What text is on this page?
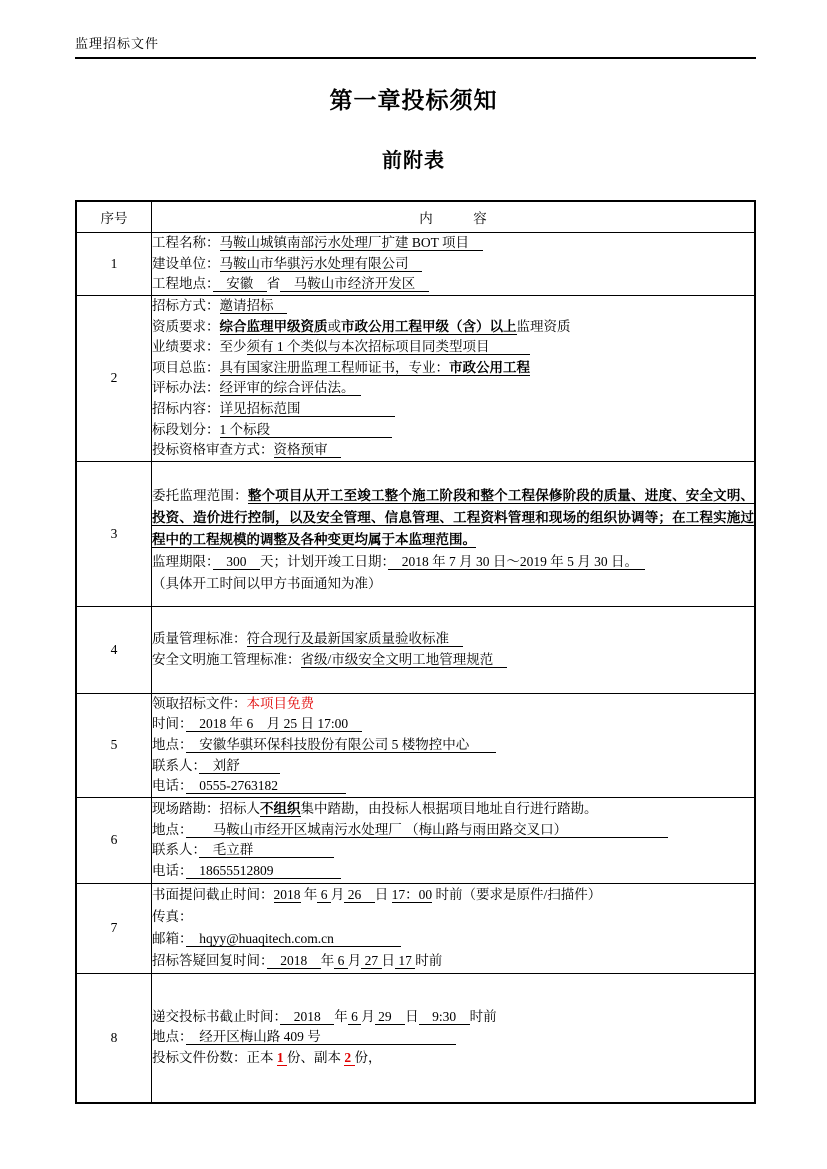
监理招标文件
第一章投标须知
前附表
序号	内　　　容
1	工程名称：马鞍山城镇南部污水处理厂扩建 BOT 项目　
建设单位：马鞍山市华骐污水处理有限公司　
工程地点：　安徽　省　马鞍山市经济开发区　

2	
招标方式：邀请招标　
资质要求：综合监理甲级资质或市政公用工程甲级（含）以上监理资质
业绩要求：至少须有 1 个类似与本次招标项目同类型项目　　　
项目总监：具有国家注册监理工程师证书，专业：市政公用工程
评标办法：经评审的综合评估法。　
招标内容：详见招标范围　　　　　　　
标段划分：1 个标段　　　　　　　　　
投标资格审查方式：资格预审　

3	委托监理范围：整个项目从开工至竣工整个施工阶段和整个工程保修阶段的质量、进度、安全文明、投资、造价进行控制，以及安全管理、信息管理、工程资料管理和现场的组织协调等；在工程实施过程中的工程规模的调整及各种变更均属于本监理范围。
监理期限：　300　天；计划开竣工日期：　2018 年 7 月 30 日～2019 年 5 月 30 日。　
（具体开工时间以甲方书面通知为准）

4	质量管理标准：符合现行及最新国家质量验收标准　
安全文明施工管理标准：省级/市级安全文明工地管理规范　

5	领取招标文件：本项目免费
时间：　2018 年 6　月 25 日 17:00　
地点：　安徽华骐环保科技股份有限公司 5 楼物控中心　　
联系人：　刘舒　　　
电话：　0555-2763182　　　　　

6	现场踏勘：招标人不组织集中踏勘，由投标人根据项目地址自行进行踏勘。
地点：　　马鞍山市经开区城南污水处理厂 （梅山路与雨田路交叉口）　　　　　　　　
联系人：　毛立群　　　　　　
电话：　18655512809　　　　　

7	书面提问截止时间：2018 年 6 月 26　日 17：00 时前（要求是原件/扫描件）
传真：
邮箱：　hqyy@huaqitech.com.cn　　　　　
招标答疑回复时间：　2018　年 6 月 27 日 17 时前

8	递交投标书截止时间：　2018　年 6 月 29　日　9:30　时前
地点：　经开区梅山路 409 号　　　　　　　　　　
投标文件份数：正本 1 份、副本 2 份，
